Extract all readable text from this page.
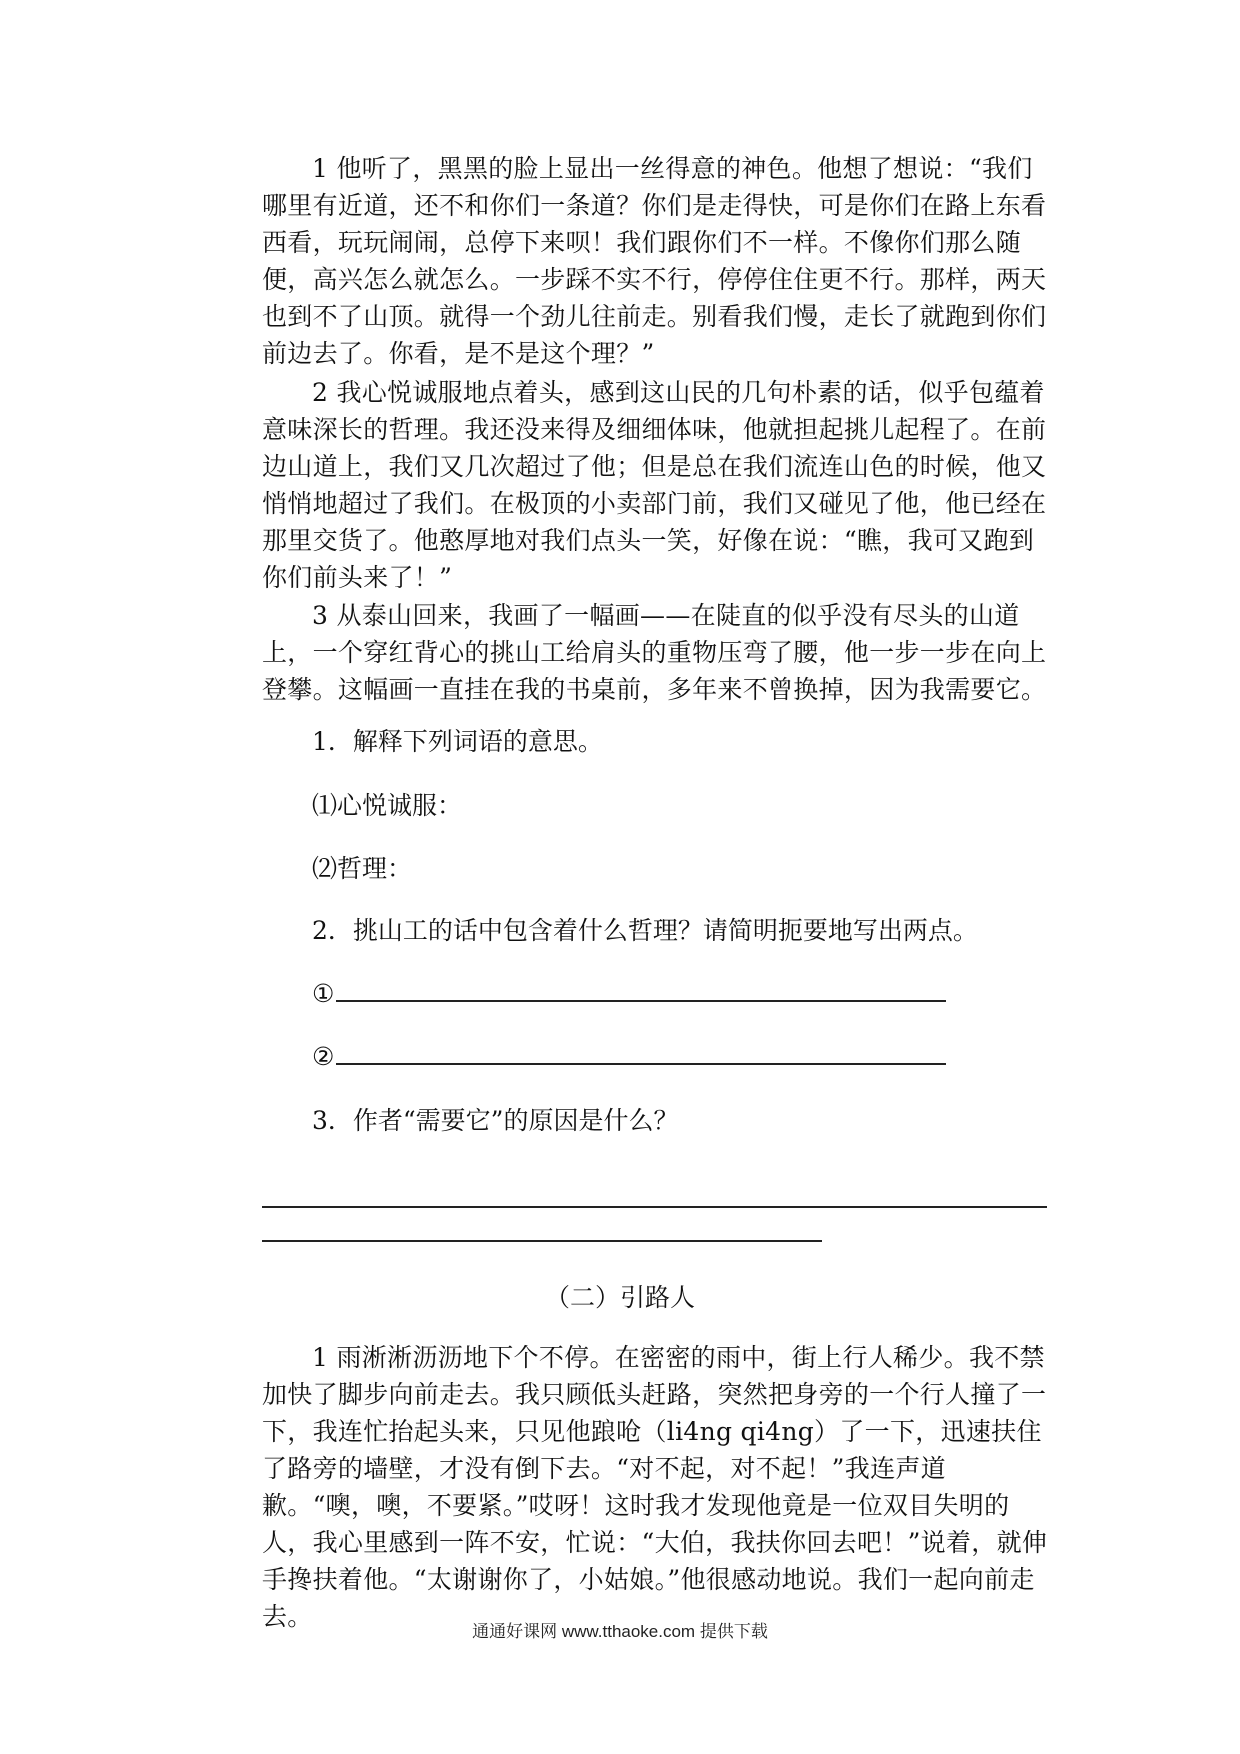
1 他听了，黑黑的脸上显出一丝得意的神色。他想了想说：“我们哪里有近道，还不和你们一条道？你们是走得快，可是你们在路上东看西看，玩玩闹闹，总停下来呗！我们跟你们不一样。不像你们那么随便，高兴怎么就怎么。一步踩不实不行，停停住住更不行。那样，两天也到不了山顶。就得一个劲儿往前走。别看我们慢，走长了就跑到你们前边去了。你看，是不是这个理？”

2 我心悦诚服地点着头，感到这山民的几句朴素的话，似乎包蕴着意味深长的哲理。我还没来得及细细体味，他就担起挑儿起程了。在前边山道上，我们又几次超过了他；但是总在我们流连山色的时候，他又悄悄地超过了我们。在极顶的小卖部门前，我们又碰见了他，他已经在那里交货了。他憨厚地对我们点头一笑，好像在说：“瞧，我可又跑到你们前头来了！”

3 从泰山回来，我画了一幅画——在陡直的似乎没有尽头的山道上，一个穿红背心的挑山工给肩头的重物压弯了腰，他一步一步在向上登攀。这幅画一直挂在我的书桌前，多年来不曾换掉，因为我需要它。

1．解释下列词语的意思。
⑴心悦诚服：
⑵哲理：
2．挑山工的话中包含着什么哲理？请简明扼要地写出两点。
①
②
3．作者“需要它”的原因是什么？
（二）引路人

1 雨淅淅沥沥地下个不停。在密密的雨中，街上行人稀少。我不禁加快了脚步向前走去。我只顾低头赶路，突然把身旁的一个行人撞了一下，我连忙抬起头来，只见他踉呛（li4ng qi4ng）了一下，迅速扶住了路旁的墙壁，才没有倒下去。“对不起，对不起！”我连声道歉。“噢，噢，不要紧。”哎呀！这时我才发现他竟是一位双目失明的人，我心里感到一阵不安，忙说：“大伯，我扶你回去吧！”说着，就伸手搀扶着他。“太谢谢你了，小姑娘。”他很感动地说。我们一起向前走去。

通通好课网 www.tthaoke.com 提供下载
